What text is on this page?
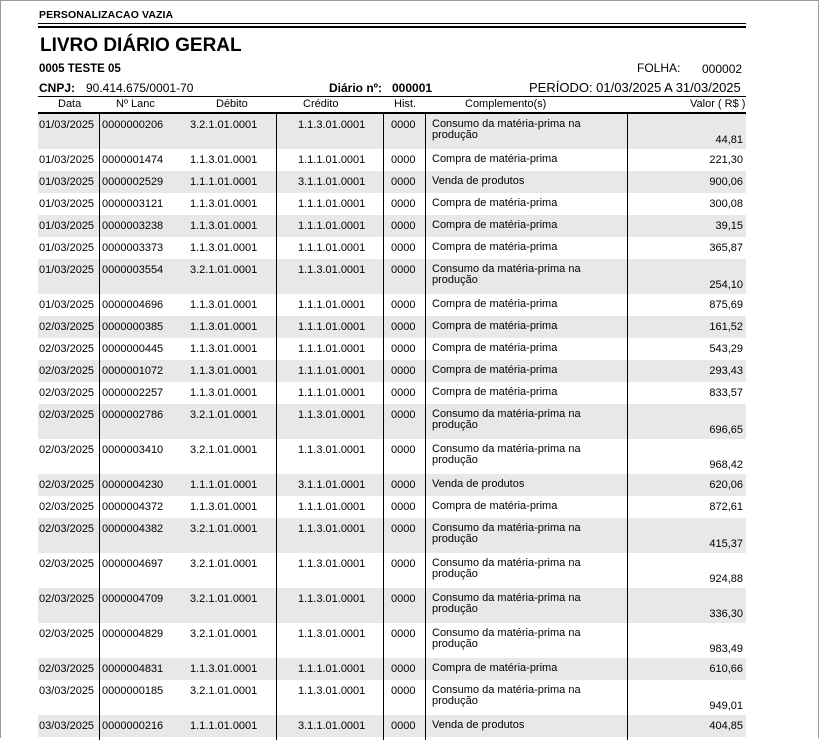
PERSONALIZACAO VAZIA
LIVRO DIÁRIO GERAL
0005 TESTE 05	FOLHA: 000002
CNPJ: 90.414.675/0001-70	Diário nº: 000001	PERÍODO: 01/03/2025 A 31/03/2025
Data	Nº Lanc	Débito	Crédito	Hist.	Complemento(s)	Valor ( R$ )
01/03/2025 0000000206 3.2.1.01.0001	1.1.3.01.0001 0000 Consumo da matéria-prima na produção	44,81
01/03/2025 0000001474 1.1.3.01.0001	1.1.1.01.0001 0000 Compra de matéria-prima	221,30
01/03/2025 0000002529 1.1.1.01.0001	3.1.1.01.0001 0000 Venda de produtos	900,06
01/03/2025 0000003121 1.1.3.01.0001	1.1.1.01.0001 0000 Compra de matéria-prima	300,08
01/03/2025 0000003238 1.1.3.01.0001	1.1.1.01.0001 0000 Compra de matéria-prima	39,15
01/03/2025 0000003373 1.1.3.01.0001	1.1.1.01.0001 0000 Compra de matéria-prima	365,87
01/03/2025 0000003554 3.2.1.01.0001	1.1.3.01.0001 0000 Consumo da matéria-prima na produção	254,10
01/03/2025 0000004696 1.1.3.01.0001	1.1.1.01.0001 0000 Compra de matéria-prima	875,69
02/03/2025 0000000385 1.1.3.01.0001	1.1.1.01.0001 0000 Compra de matéria-prima	161,52
02/03/2025 0000000445 1.1.3.01.0001	1.1.1.01.0001 0000 Compra de matéria-prima	543,29
02/03/2025 0000001072 1.1.3.01.0001	1.1.1.01.0001 0000 Compra de matéria-prima	293,43
02/03/2025 0000002257 1.1.3.01.0001	1.1.1.01.0001 0000 Compra de matéria-prima	833,57
02/03/2025 0000002786 3.2.1.01.0001	1.1.3.01.0001 0000 Consumo da matéria-prima na produção	696,65
02/03/2025 0000003410 3.2.1.01.0001	1.1.3.01.0001 0000 Consumo da matéria-prima na produção	968,42
02/03/2025 0000004230 1.1.1.01.0001	3.1.1.01.0001 0000 Venda de produtos	620,06
02/03/2025 0000004372 1.1.3.01.0001	1.1.1.01.0001 0000 Compra de matéria-prima	872,61
02/03/2025 0000004382 3.2.1.01.0001	1.1.3.01.0001 0000 Consumo da matéria-prima na produção	415,37
02/03/2025 0000004697 3.2.1.01.0001	1.1.3.01.0001 0000 Consumo da matéria-prima na produção	924,88
02/03/2025 0000004709 3.2.1.01.0001	1.1.3.01.0001 0000 Consumo da matéria-prima na produção	336,30
02/03/2025 0000004829 3.2.1.01.0001	1.1.3.01.0001 0000 Consumo da matéria-prima na produção	983,49
02/03/2025 0000004831 1.1.3.01.0001	1.1.1.01.0001 0000 Compra de matéria-prima	610,66
03/03/2025 0000000185 3.2.1.01.0001	1.1.3.01.0001 0000 Consumo da matéria-prima na produção	949,01
03/03/2025 0000000216 1.1.1.01.0001	3.1.1.01.0001 0000 Venda de produtos	404,85
